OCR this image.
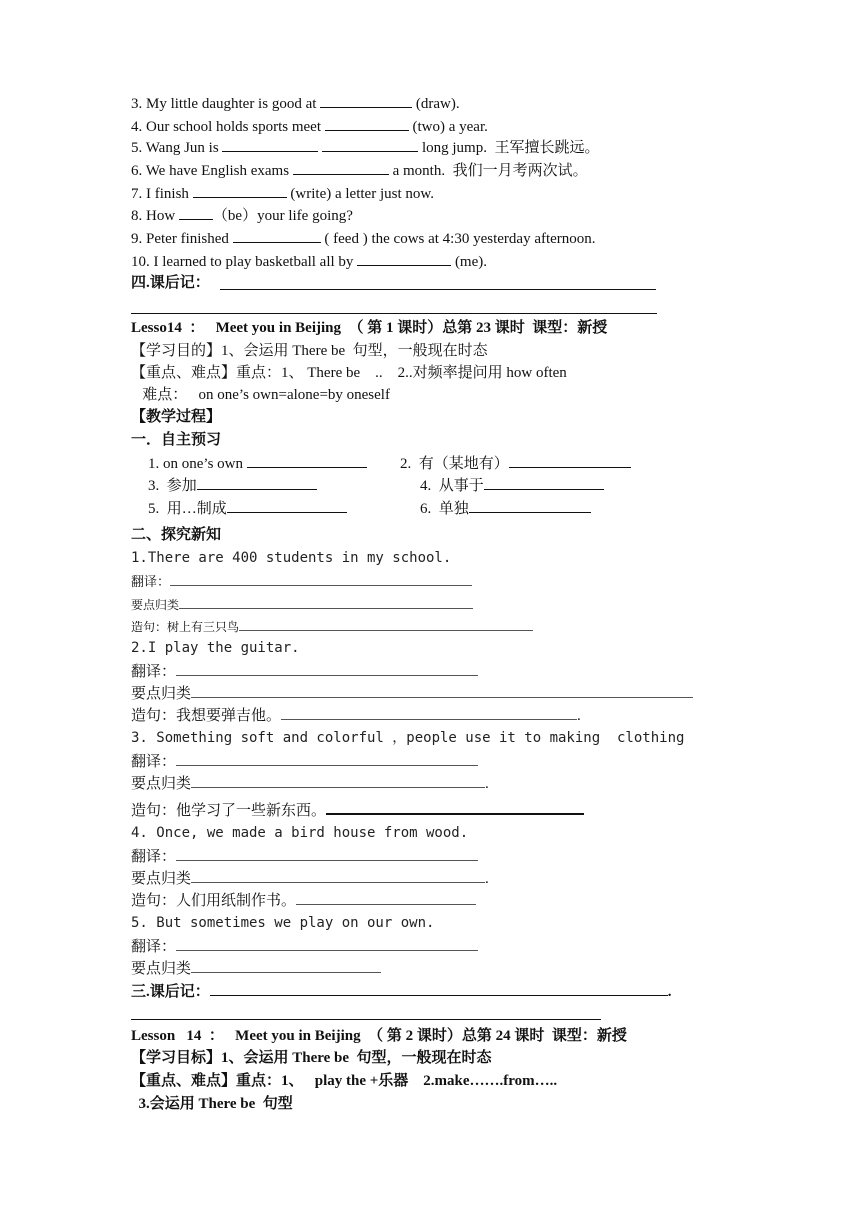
3. My little daughter is good at	(draw).
4. Our school holds sports meet	(two) a year.
5. Wang Jun is	long jump.  王军擅长跳远。
6. We have English exams	a month.  我们一月考两次试。
7. I finish	(write) a letter just now.
8. How （be）your life going?
9. Peter finished	( feed ) the cows at 4:30 yesterday afternoon.
10. I learned to play basketball all by	(me).
四.课后记：
Lesso14  ：   Meet you in Beijing  （ 第 1 课时）总第 23 课时  课型：新授
【学习目的】1、会运用 There be  句型，一般现在时态
【重点、难点】重点：1、 There be    ..    2..对频率提问用 how often
难点：   on one’s own=alone=by oneself
【教学过程】
一．自主预习
1. on one’s own	2.  有（某地有）
3.  参加	4.  从事于
5.  用…制成	6.  单独
二、探究新知
1.There are 400 students in my school.
翻译：
要点归类
造句：树上有三只鸟
2.I play the guitar.
翻译：
要点归类
造句：我想要弹吉他。	.
3. Something soft and colorful ，people use it to making  clothing
翻译：
要点归类	.
造句：他学习了一些新东西。
4. Once, we made a bird house from wood.
翻译：
要点归类	.
造句：人们用纸制作书。
5. But sometimes we play on our own.
翻译：
要点归类
三.课后记：	.
Lesson   14  ：   Meet you in Beijing  （ 第 2 课时）总第 24 课时  课型：新授
【学习目标】1、会运用 There be  句型，一般现在时态
【重点、难点】重点：1、   play the +乐器    2.make…….from…..
3.会运用 There be  句型
